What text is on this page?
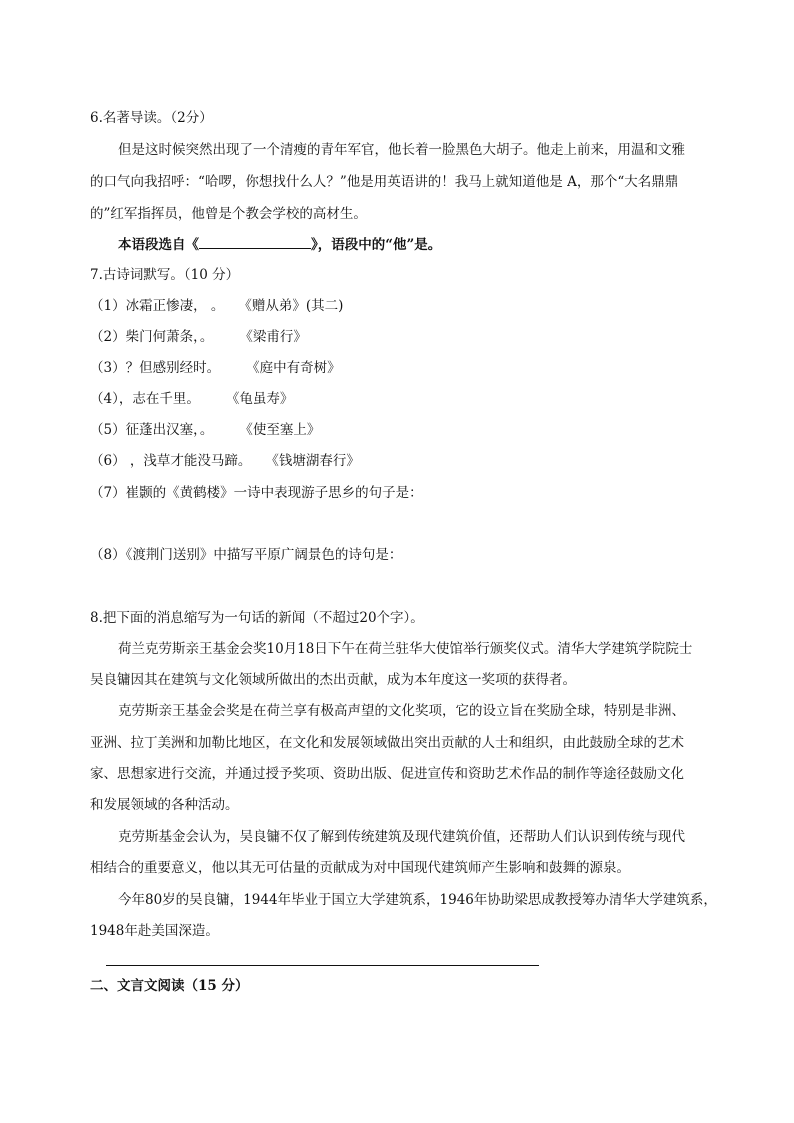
6.名著导读。（2分）
但是这时候突然出现了一个清瘦的青年军官，他长着一脸黑色大胡子。他走上前来，用温和文雅
的口气向我招呼：“哈啰，你想找什么人？”他是用英语讲的！我马上就知道他是 A，那个“大名鼎鼎
的”红军指挥员，他曾是个教会学校的高材生。
本语段选自《	》，语段中的“他”是。
7.古诗词默写。（10 分）
（1）冰霜正惨凄， 。 《赠从弟》(其二)
（2）柴门何萧条，。 《梁甫行》
（3）？但感别经时。 《庭中有奇树》
（4），志在千里。 《龟虽寿》
（5）征蓬出汉塞，。 《使至塞上》
（6） ，浅草才能没马蹄。 《钱塘湖春行》
（7）崔颢的《黄鹤楼》一诗中表现游子思乡的句子是：
（8）《渡荆门送别》中描写平原广阔景色的诗句是：
8.把下面的消息缩写为一句话的新闻（不超过20个字）。
荷兰克劳斯亲王基金会奖10月18日下午在荷兰驻华大使馆举行颁奖仪式。清华大学建筑学院院士
吴良镛因其在建筑与文化领域所做出的杰出贡献，成为本年度这一奖项的获得者。
克劳斯亲王基金会奖是在荷兰享有极高声望的文化奖项，它的设立旨在奖励全球，特别是非洲、
亚洲、拉丁美洲和加勒比地区，在文化和发展领域做出突出贡献的人士和组织，由此鼓励全球的艺术
家、思想家进行交流，并通过授予奖项、资助出版、促进宣传和资助艺术作品的制作等途径鼓励文化
和发展领域的各种活动。
克劳斯基金会认为，吴良镛不仅了解到传统建筑及现代建筑价值，还帮助人们认识到传统与现代
相结合的重要意义，他以其无可估量的贡献成为对中国现代建筑师产生影响和鼓舞的源泉。
今年80岁的吴良镛，1944年毕业于国立大学建筑系，1946年协助梁思成教授筹办清华大学建筑系，
1948年赴美国深造。
二、文言文阅读（15 分）
